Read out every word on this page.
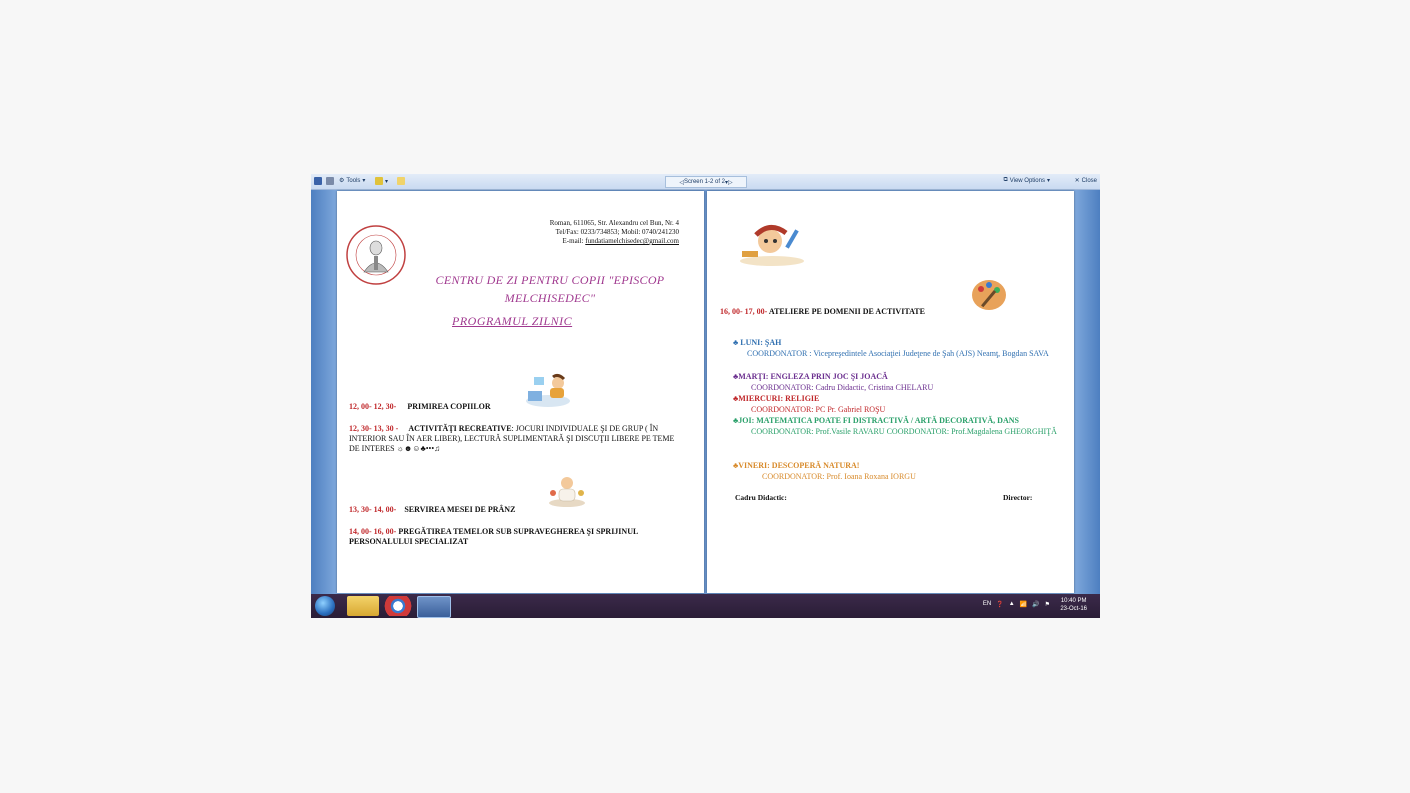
⚙ Tools ▾	▾	◁ Screen 1-2 of 2 ▾ ▷	⧉ View Options ▾	✕ Close
Roman, 611065, Str. Alexandru cel Bun, Nr. 4
Tel/Fax: 0233/734853; Mobil: 0740/241230
E-mail: fundatiamelchisedec@gmail.com
CENTRU DE ZI PENTRU COPII "EPISCOP
MELCHISEDEC"
PROGRAMUL ZILNIC
12, 00- 12, 30- PRIMIREA COPIILOR
12, 30- 13, 30 - ACTIVITĂŢI RECREATIVE: JOCURI INDIVIDUALE ŞI DE GRUP ( ÎN INTERIOR SAU ÎN AER LIBER), LECTURĂ SUPLIMENTARĂ ŞI DISCUŢII LIBERE PE TEME DE INTERES ☼☻☺♣•••♫
13, 30- 14, 00- SERVIREA MESEI DE PRÂNZ
14, 00- 16, 00- PREGĂTIREA TEMELOR SUB SUPRAVEGHEREA ŞI SPRIJINUL PERSONALULUI SPECIALIZAT
16, 00- 17, 00- ATELIERE PE DOMENII DE ACTIVITATE
♣ LUNI: ŞAH
COORDONATOR : Vicepreşedintele Asociaţiei Judeţene de Şah (AJS) Neamţ, Bogdan SAVA
♣MARŢI: ENGLEZA PRIN JOC ŞI JOACĂ
COORDONATOR: Cadru Didactic, Cristina CHELARU
♣MIERCURI: RELIGIE
COORDONATOR: PC Pr. Gabriel ROŞU
♣JOI: MATEMATICA POATE FI DISTRACTIVĂ / ARTĂ DECORATIVĂ, DANS
COORDONATOR: Prof.Vasile RAVARU COORDONATOR: Prof.Magdalena GHEORGHIŢĂ
♣VINERI: DESCOPERĂ NATURA!
COORDONATOR: Prof. Ioana Roxana IORGU
Cadru Didactic:	Director:
EN ❓ ▲ 📶 🔊 ⚑
10:40 PM
23-Oct-16
